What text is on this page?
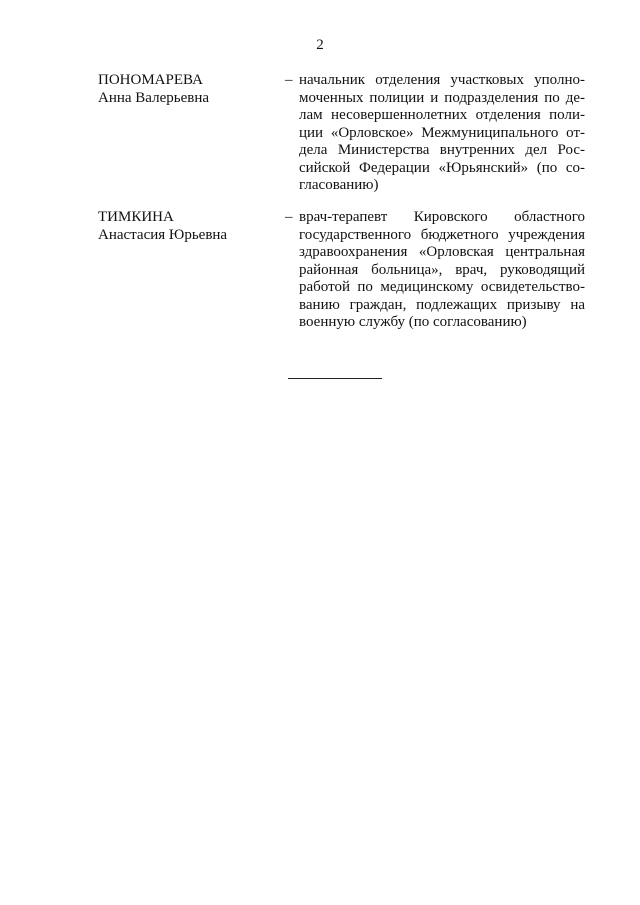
2
ПОНОМАРЕВА
Анна Валерьевна
– начальник отделения участковых уполно-
моченных полиции и подразделения по де-
лам несовершеннолетних отделения поли-
ции «Орловское» Межмуниципального от-
дела Министерства внутренних дел Рос-
сийской Федерации «Юрьянский» (по со-
гласованию)
ТИМКИНА
Анастасия Юрьевна
– врач-терапевт Кировского областного
государственного бюджетного учреждения
здравоохранения «Орловская центральная
районная больница», врач, руководящий
работой по медицинскому освидетельство-
ванию граждан, подлежащих призыву на
военную службу (по согласованию)
